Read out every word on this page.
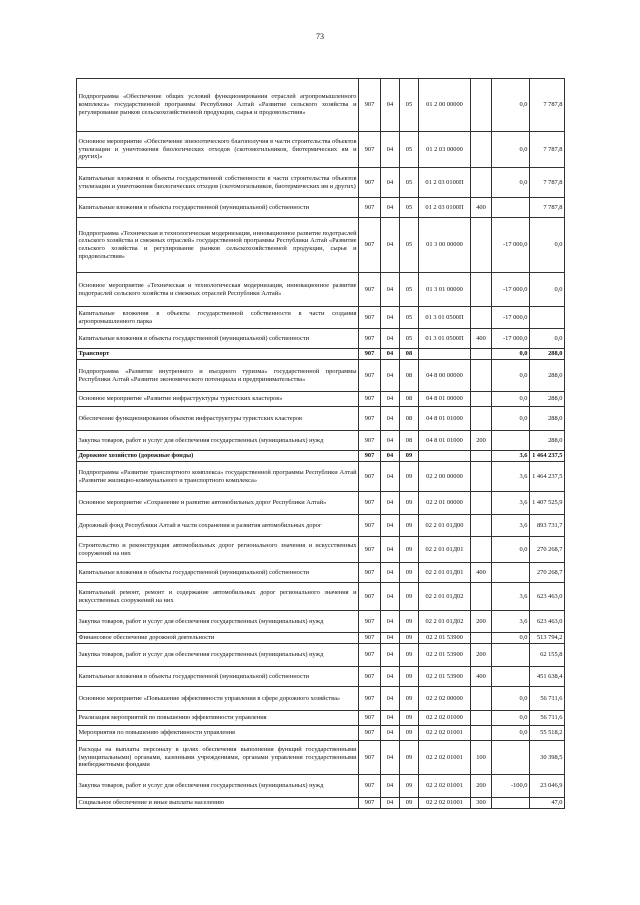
73
Подпрограмма «Обеспечение общих условий функционирования отраслей агропромышленного комплекса» государственной программы Республики Алтай «Развитие сельского хозяйства и регулирование рынков сельскохозяйственной продукции, сырья и продовольствия»	907	04	05	01 2 00 00000		0,0	7 787,8
Основное мероприятие «Обеспечение эпизоотического благополучия в части строительства объектов утилизации и уничтожения биологических отходов (скотомогильников, биотермических ям и других)»	907	04	05	01 2 03 00000		0,0	7 787,8
Капитальные вложения в объекты государственной собственности в части строительства объектов утилизации и уничтожения биологических отходов (скотомогильников, биотермических ям и других)	907	04	05	01 2 03 0100П		0,0	7 787,8
Капитальные вложения в объекты государственной (муниципальной) собственности	907	04	05	01 2 03 0100П	400		7 787,8
Подпрограмма «Техническая и технологическая модернизация, инновационное развитие подотраслей сельского хозяйства и смежных отраслей» государственной программы Республики Алтай «Развитие сельского хозяйства и регулирование рынков сельскохозяйственной продукции, сырья и продовольствия»	907	04	05	01 3 00 00000		-17 000,0	0,0
Основное мероприятие «Техническая и технологическая модернизация, инновационное развитие подотраслей сельского хозяйства и смежных отраслей Республики Алтай»	907	04	05	01 3 01 00000		-17 000,0	0,0
Капитальные вложения в объекты государственной собственности в части создания агропромышленного парка	907	04	05	01 3 01 0500П		-17 000,0	
Капитальные вложения в объекты государственной (муниципальной) собственности	907	04	05	01 3 01 0500П	400	-17 000,0	0,0
Транспорт	907	04	08			0,0	288,0
Подпрограмма «Развитие внутреннего и въездного туризма» государственной программы Республики Алтай «Развитие экономического потенциала и предпринимательства»	907	04	08	04 8 00 00000		0,0	288,0
Основное мероприятие «Развитие инфраструктуры туристских кластеров»	907	04	08	04 8 01 00000		0,0	288,0
Обеспечение функционирования объектов инфраструктуры туристских кластеров	907	04	08	04 8 01 01000		0,0	288,0
Закупка товаров, работ и услуг для обеспечения государственных (муниципальных) нужд	907	04	08	04 8 01 01000	200		288,0
Дорожное хозяйство (дорожные фонды)	907	04	09			3,6	1 464 237,5
Подпрограмма «Развитие транспортного комплекса» государственной программы Республики Алтай «Развитие жилищно-коммунального и транспортного комплекса»	907	04	09	02 2 00 00000		3,6	1 464 237,5
Основное мероприятие «Сохранение и развитие автомобильных дорог Республики Алтай»	907	04	09	02 2 01 00000		3,6	1 407 525,9
Дорожный фонд Республики Алтай в части сохранения и развития автомобильных дорог	907	04	09	02 2 01 01Д00		3,6	893 731,7
Строительство и реконструкция автомобильных дорог регионального значения и искусственных сооружений на них	907	04	09	02 2 01 01Д01		0,0	270 268,7
Капитальные вложения в объекты государственной (муниципальной) собственности	907	04	09	02 2 01 01Д01	400		270 268,7
Капитальный ремонт, ремонт и содержание автомобильных дорог регионального значения и искусственных сооружений на них	907	04	09	02 2 01 01Д02		3,6	623 463,0
Закупка товаров, работ и услуг для обеспечения государственных (муниципальных) нужд	907	04	09	02 2 01 01Д02	200	3,6	623 463,0
Финансовое обеспечение дорожной деятельности	907	04	09	02 2 01 53900		0,0	513 794,2
Закупка товаров, работ и услуг для обеспечения государственных (муниципальных) нужд	907	04	09	02 2 01 53900	200		62 155,8
Капитальные вложения в объекты государственной (муниципальной) собственности	907	04	09	02 2 01 53900	400		451 638,4
Основное мероприятие «Повышение эффективности управления в сфере дорожного хозяйства»	907	04	09	02 2 02 00000		0,0	56 711,6
Реализация мероприятий по повышению эффективности управления	907	04	09	02 2 02 01000		0,0	56 711,6
Мероприятия по повышению эффективности управления	907	04	09	02 2 02 01001		0,0	55 518,2
Расходы на выплаты персоналу в целях обеспечения выполнения функций государственными (муниципальными) органами, казенными учреждениями, органами управления государственными внебюджетными фондами	907	04	09	02 2 02 01001	100		30 398,5
Закупка товаров, работ и услуг для обеспечения государственных (муниципальных) нужд	907	04	09	02 2 02 01001	200	-100,0	23 046,9
Социальное обеспечение и иные выплаты населению	907	04	09	02 2 02 01001	300		47,0
